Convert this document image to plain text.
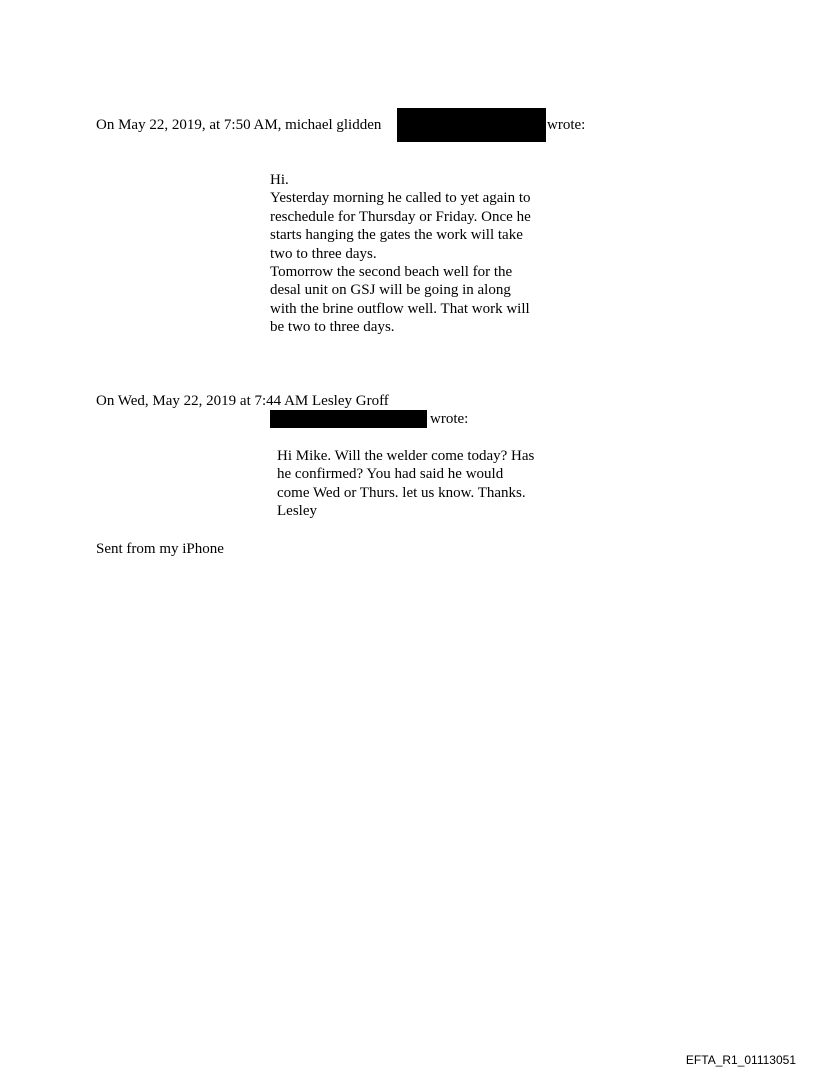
On May 22, 2019, at 7:50 AM, michael glidden	wrote:
Hi.
Yesterday morning he called to yet again to
reschedule for Thursday or Friday. Once he
starts hanging the gates the work will take
two to three days.
Tomorrow the second beach well for the
desal unit on GSJ will be going in along
with the brine outflow well. That work will
be two to three days.
On Wed, May 22, 2019 at 7:44 AM Lesley Groff
wrote:
Hi Mike. Will the welder come today? Has
he confirmed? You had said he would
come Wed or Thurs. let us know. Thanks.
Lesley
Sent from my iPhone
EFTA_R1_01113051
